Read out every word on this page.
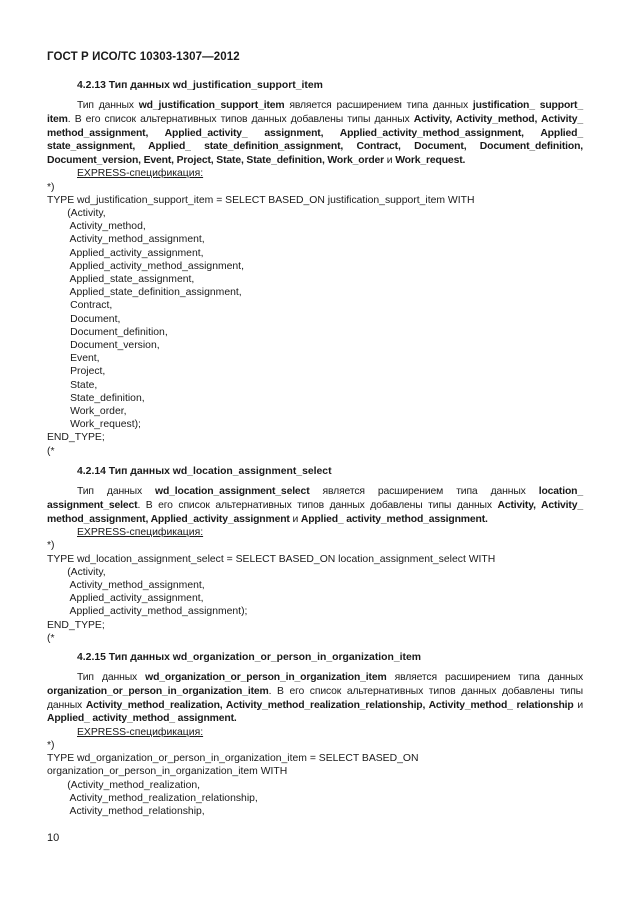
ГОСТ Р ИСО/ТС 10303-1307—2012
4.2.13 Тип данных wd_justification_support_item
Тип данных wd_justification_support_item является расширением типа данных justification_ support_ item. В его список альтернативных типов данных добавлены типы данных Activity, Activity_method, Activity_ method_assignment, Applied_activity_ assignment, Applied_activity_method_assignment, Applied_ state_assignment, Applied_ state_definition_assignment, Contract, Document, Document_definition, Document_version, Event, Project, State, State_definition, Work_order и Work_request.
EXPRESS-спецификация:
*)
TYPE wd_justification_support_item = SELECT BASED_ON justification_support_item WITH
(Activity,
Activity_method,
Activity_method_assignment,
Applied_activity_assignment,
Applied_activity_method_assignment,
Applied_state_assignment,
Applied_state_definition_assignment,
Contract,
Document,
Document_definition,
Document_version,
Event,
Project,
State,
State_definition,
Work_order,
Work_request);
END_TYPE;
(*
4.2.14 Тип данных wd_location_assignment_select
Тип данных wd_location_assignment_select является расширением типа данных location_ assignment_select. В его список альтернативных типов данных добавлены типы данных Activity, Activity_ method_assignment, Applied_activity_assignment и Applied_ activity_method_assignment.
EXPRESS-спецификация:
*)
TYPE wd_location_assignment_select = SELECT BASED_ON location_assignment_select WITH
(Activity,
Activity_method_assignment,
Applied_activity_assignment,
Applied_activity_method_assignment);
END_TYPE;
(*
4.2.15 Тип данных wd_organization_or_person_in_organization_item
Тип данных wd_organization_or_person_in_organization_item является расширением типа данных organization_or_person_in_organization_item. В его список альтернативных типов данных добавлены типы данных Activity_method_realization, Activity_method_realization_relationship, Activity_method_ relationship и Applied_ activity_method_ assignment.
EXPRESS-спецификация:
*)
TYPE wd_organization_or_person_in_organization_item = SELECT BASED_ON
organization_or_person_in_organization_item WITH
(Activity_method_realization,
Activity_method_realization_relationship,
Activity_method_relationship,
10
